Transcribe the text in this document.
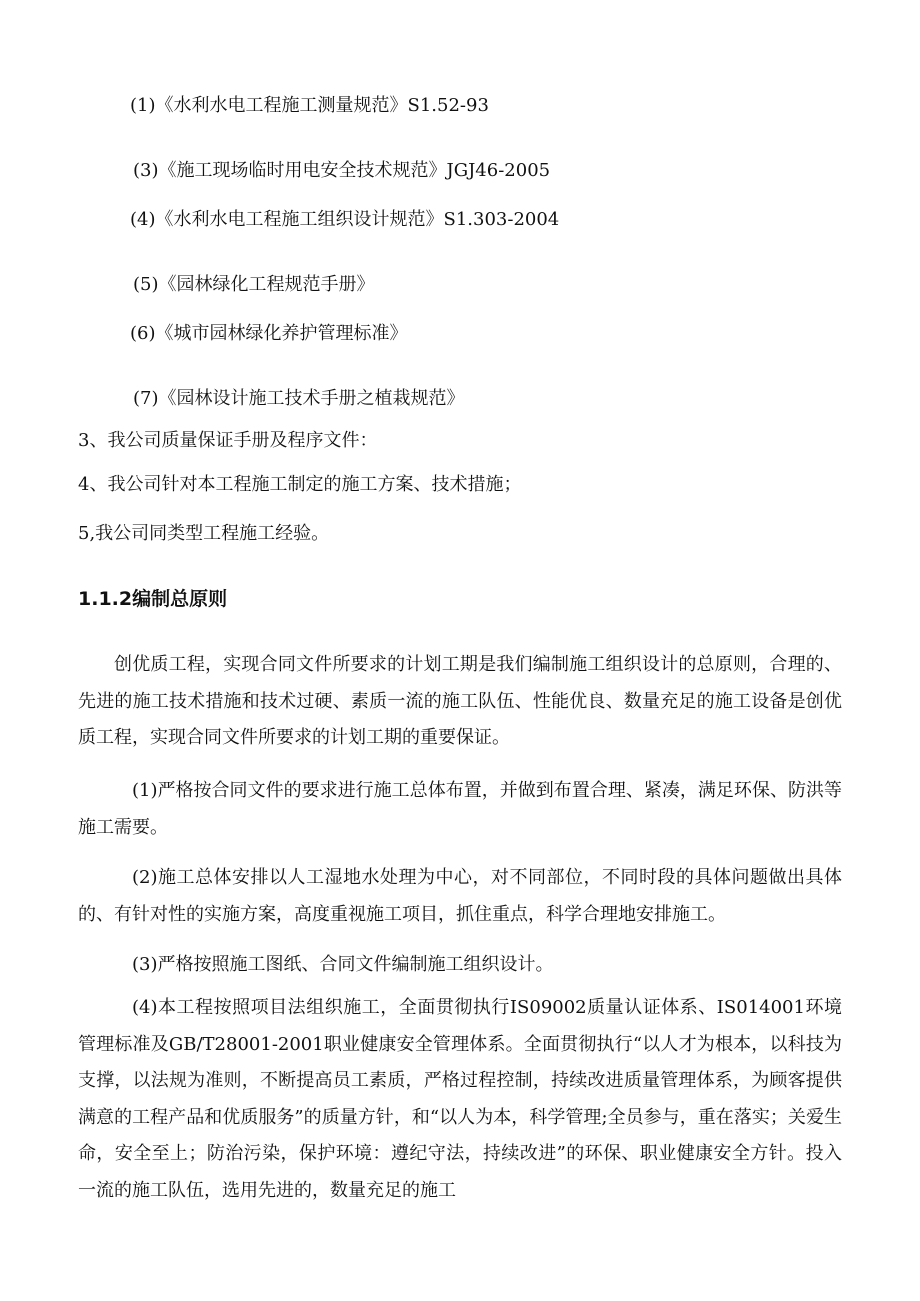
(1)《水利水电工程施工测量规范》S1.52-93
(3)《施工现场临时用电安全技术规范》JGJ46-2005
(4)《水利水电工程施工组织设计规范》S1.303-2004
(5)《园林绿化工程规范手册》
(6)《城市园林绿化养护管理标准》
(7)《园林设计施工技术手册之植栽规范》
3、我公司质量保证手册及程序文件：
4、我公司针对本工程施工制定的施工方案、技术措施；
5,我公司同类型工程施工经验。
1.1.2编制总原则
创优质工程，实现合同文件所要求的计划工期是我们编制施工组织设计的总原则，合理的、先进的施工技术措施和技术过硬、素质一流的施工队伍、性能优良、数量充足的施工设备是创优质工程，实现合同文件所要求的计划工期的重要保证。
(1)严格按合同文件的要求进行施工总体布置，并做到布置合理、紧凑，满足环保、防洪等施工需要。
(2)施工总体安排以人工湿地水处理为中心，对不同部位，不同时段的具体问题做出具体的、有针对性的实施方案，高度重视施工项目，抓住重点，科学合理地安排施工。
(3)严格按照施工图纸、合同文件编制施工组织设计。
(4)本工程按照项目法组织施工，全面贯彻执行IS09002质量认证体系、IS014001环境管理标准及GB/T28001-2001职业健康安全管理体系。全面贯彻执行“以人才为根本，以科技为支撑，以法规为准则，不断提高员工素质，严格过程控制，持续改进质量管理体系，为顾客提供满意的工程产品和优质服务”的质量方针，和“以人为本，科学管理;全员参与，重在落实；关爱生命，安全至上；防治污染，保护环境：遵纪守法，持续改进”的环保、职业健康安全方针。投入一流的施工队伍，选用先进的，数量充足的施工
